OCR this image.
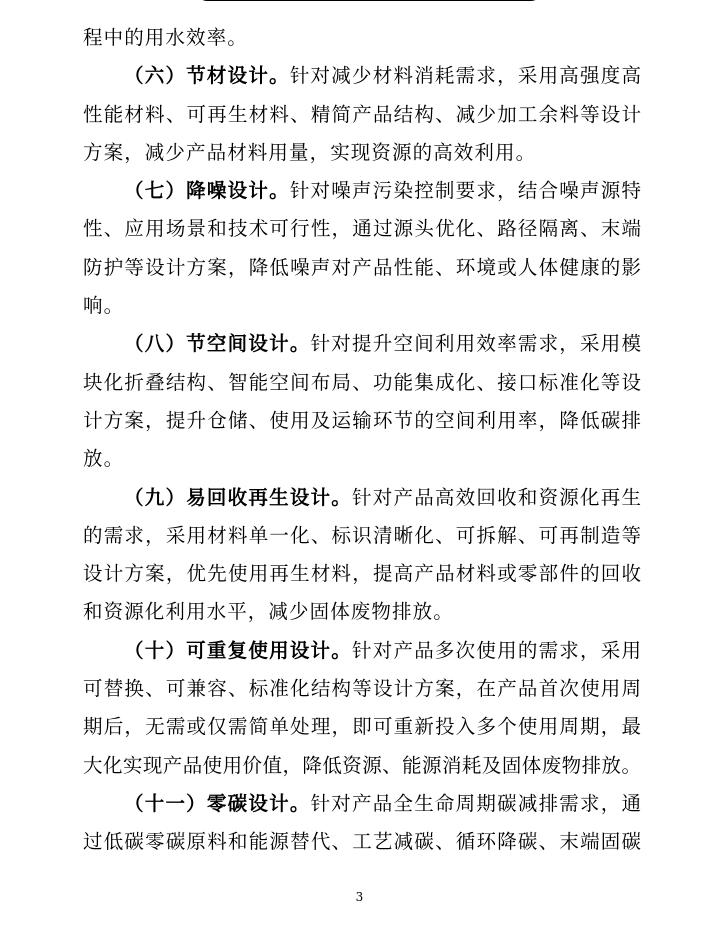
程中的用水效率。
（六）节材设计。针对减少材料消耗需求，采用高强度高
性能材料、可再生材料、精简产品结构、减少加工余料等设计
方案，减少产品材料用量，实现资源的高效利用。
（七）降噪设计。针对噪声污染控制要求，结合噪声源特
性、应用场景和技术可行性，通过源头优化、路径隔离、末端
防护等设计方案，降低噪声对产品性能、环境或人体健康的影
响。
（八）节空间设计。针对提升空间利用效率需求，采用模
块化折叠结构、智能空间布局、功能集成化、接口标准化等设
计方案，提升仓储、使用及运输环节的空间利用率，降低碳排
放。
（九）易回收再生设计。针对产品高效回收和资源化再生
的需求，采用材料单一化、标识清晰化、可拆解、可再制造等
设计方案，优先使用再生材料，提高产品材料或零部件的回收
和资源化利用水平，减少固体废物排放。
（十）可重复使用设计。针对产品多次使用的需求，采用
可替换、可兼容、标准化结构等设计方案，在产品首次使用周
期后，无需或仅需简单处理，即可重新投入多个使用周期，最
大化实现产品使用价值，降低资源、能源消耗及固体废物排放。
（十一）零碳设计。针对产品全生命周期碳减排需求，通
过低碳零碳原料和能源替代、工艺减碳、循环降碳、末端固碳
3
